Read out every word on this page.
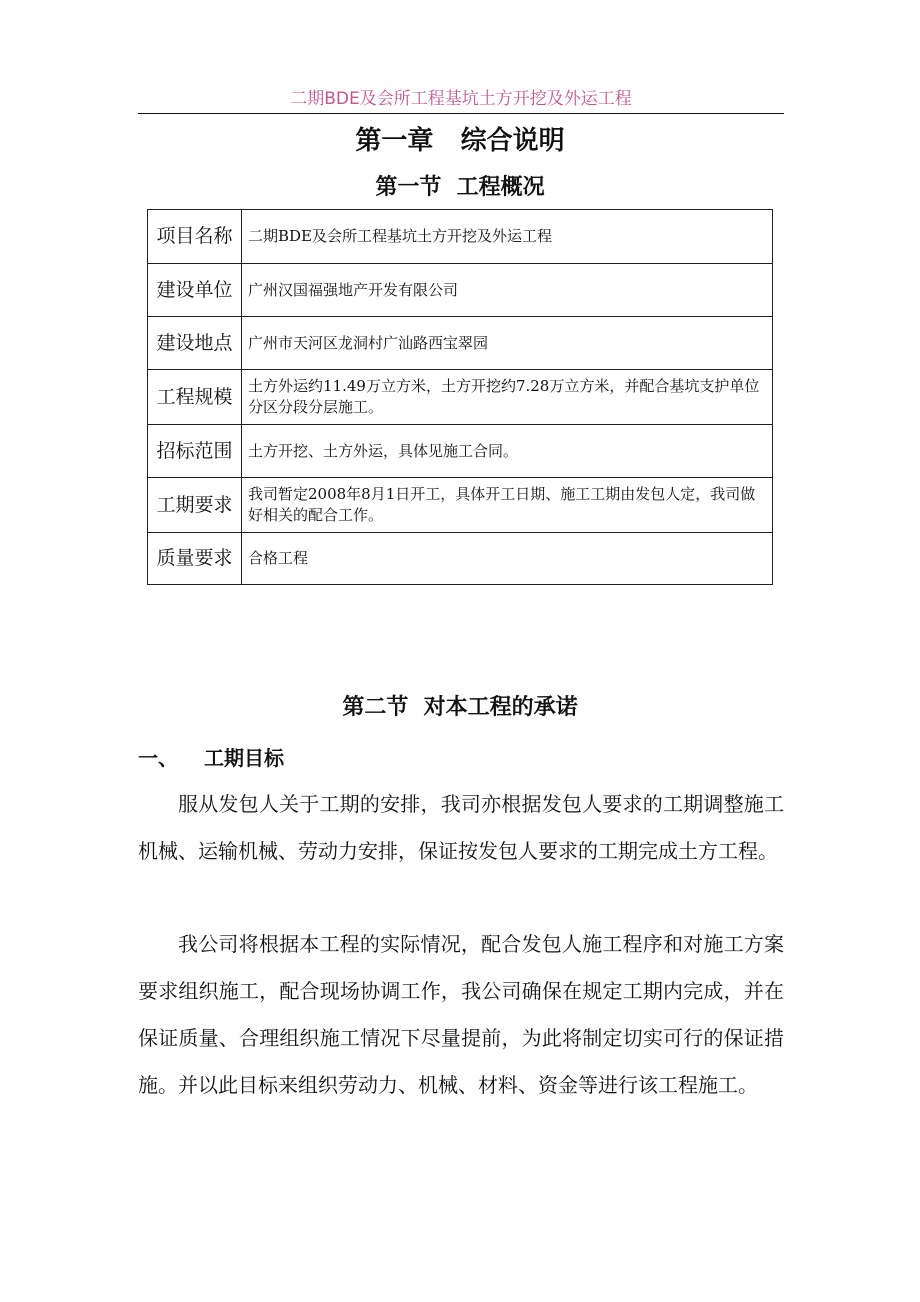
二期BDE及会所工程基坑土方开挖及外运工程
第一章   综合说明
第一节  工程概况
项目名称	二期BDE及会所工程基坑土方开挖及外运工程
建设单位	广州汉国福强地产开发有限公司
建设地点	广州市天河区龙洞村广汕路西宝翠园
工程规模	土方外运约11.49万立方米，土方开挖约7.28万立方米，并配合基坑支护单位分区分段分层施工。
招标范围	土方开挖、土方外运，具体见施工合同。
工期要求	我司暂定2008年8月1日开工，具体开工日期、施工工期由发包人定，我司做好相关的配合工作。
质量要求	合格工程
第二节  对本工程的承诺
一、 工期目标

服从发包人关于工期的安排，我司亦根据发包人要求的工期调整施工机械、运输机械、劳动力安排，保证按发包人要求的工期完成土方工程。

我公司将根据本工程的实际情况，配合发包人施工程序和对施工方案要求组织施工，配合现场协调工作，我公司确保在规定工期内完成，并在保证质量、合理组织施工情况下尽量提前，为此将制定切实可行的保证措施。并以此目标来组织劳动力、机械、材料、资金等进行该工程施工。
